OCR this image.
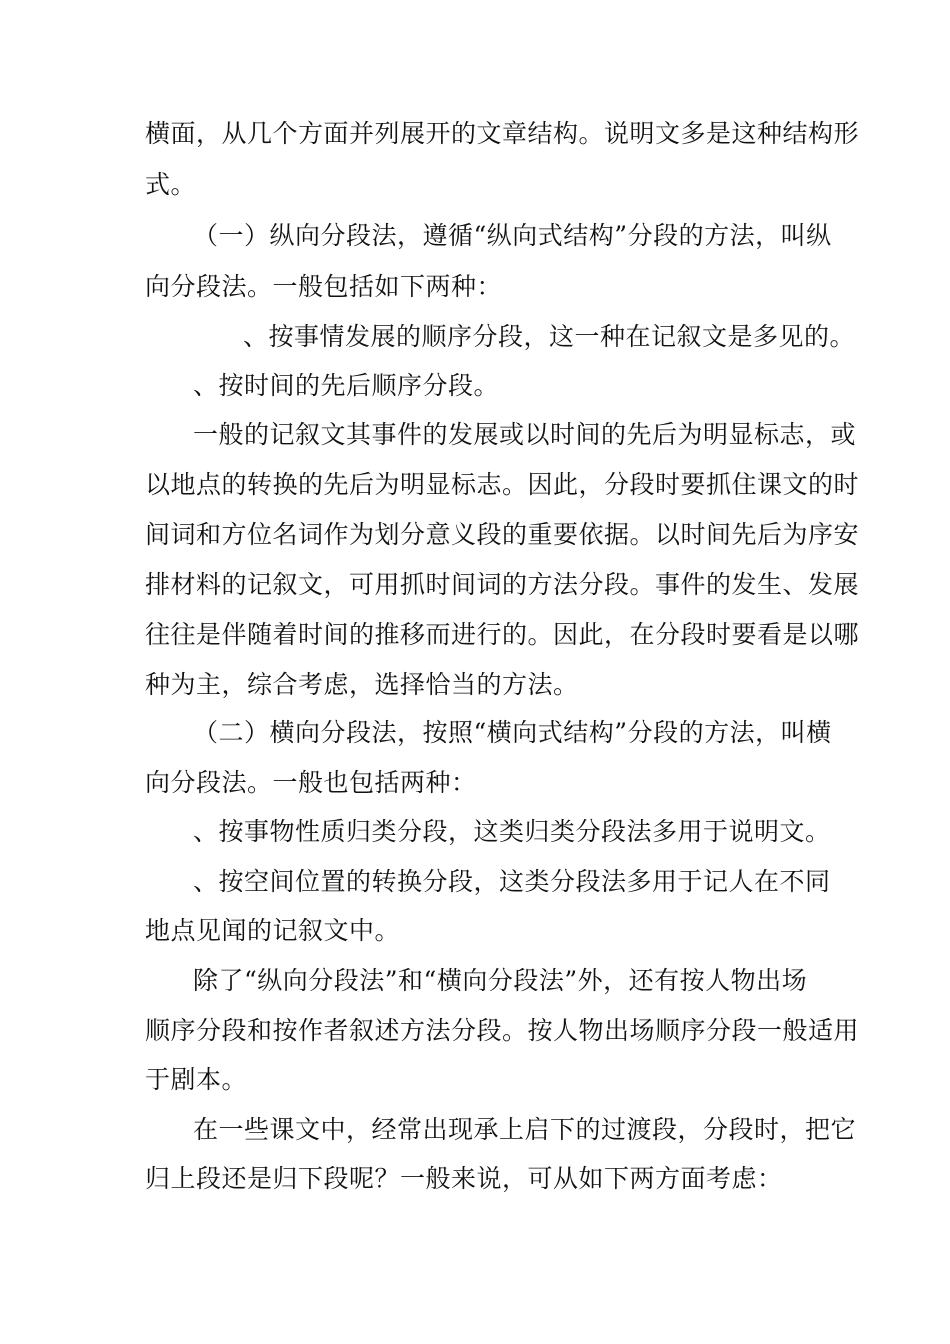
横面，从几个方面并列展开的文章结构。说明文多是这种结构形
式。
（一）纵向分段法，遵循“纵向式结构”分段的方法，叫纵
向分段法。一般包括如下两种：
、按事情发展的顺序分段，这一种在记叙文是多见的。
、按时间的先后顺序分段。
一般的记叙文其事件的发展或以时间的先后为明显标志，或
以地点的转换的先后为明显标志。因此，分段时要抓住课文的时
间词和方位名词作为划分意义段的重要依据。以时间先后为序安
排材料的记叙文，可用抓时间词的方法分段。事件的发生、发展
往往是伴随着时间的推移而进行的。因此，在分段时要看是以哪
种为主，综合考虑，选择恰当的方法。
（二）横向分段法，按照“横向式结构”分段的方法，叫横
向分段法。一般也包括两种：
、按事物性质归类分段，这类归类分段法多用于说明文。
、按空间位置的转换分段，这类分段法多用于记人在不同
地点见闻的记叙文中。
除了“纵向分段法”和“横向分段法”外，还有按人物出场
顺序分段和按作者叙述方法分段。按人物出场顺序分段一般适用
于剧本。
在一些课文中，经常出现承上启下的过渡段，分段时，把它
归上段还是归下段呢？一般来说，可从如下两方面考虑：
